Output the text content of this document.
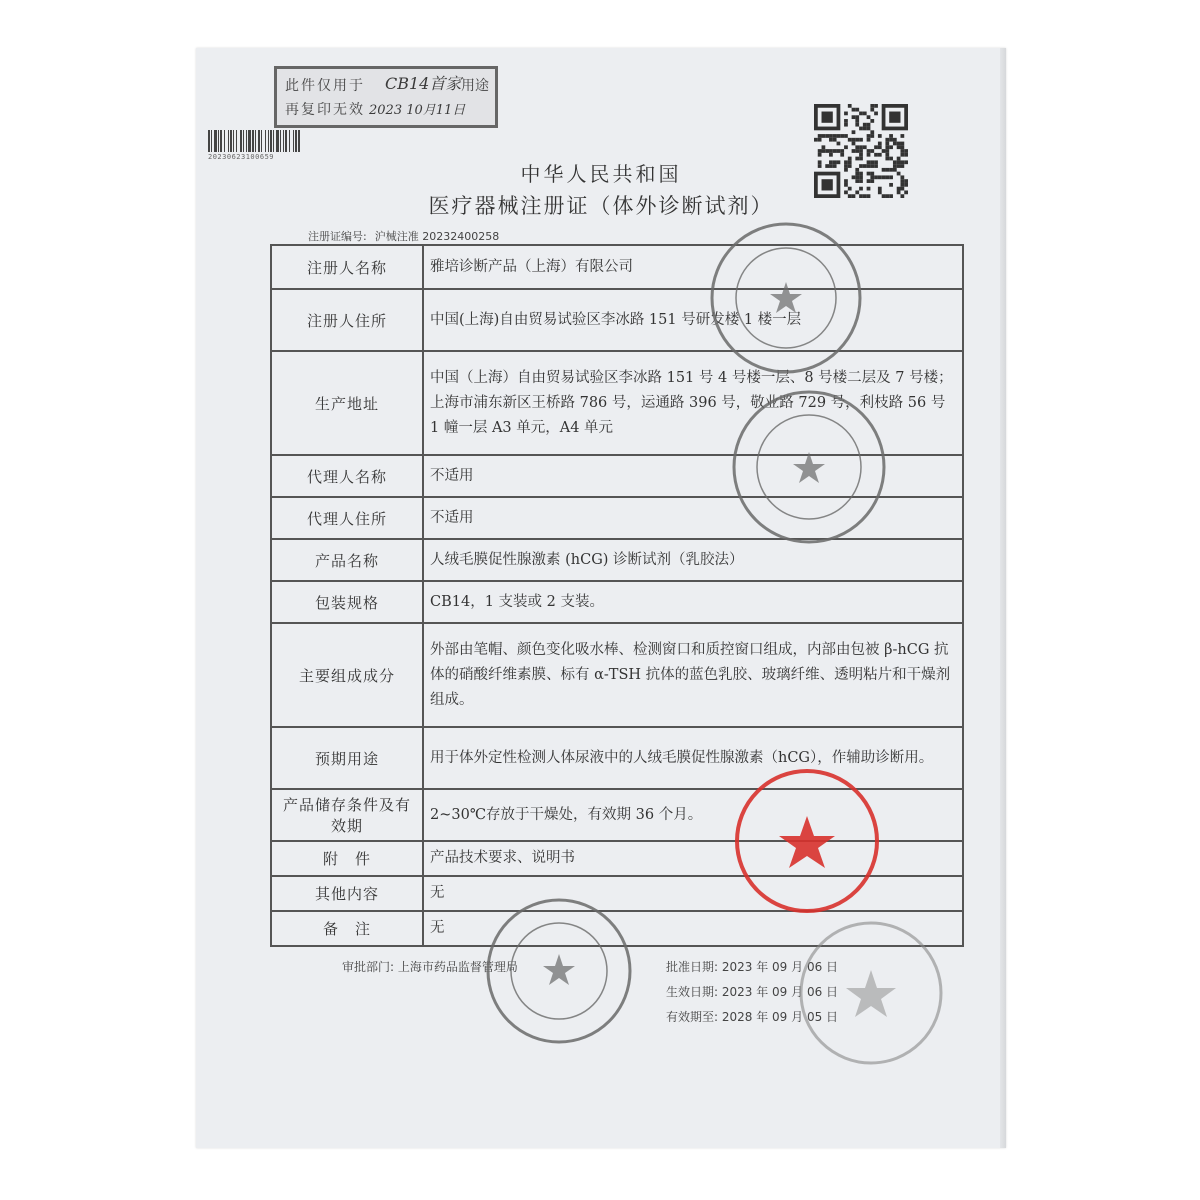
此件仅用于
再复印无效
CB14首家 用途
2023 10月11日
20230623100659
中华人民共和国
医疗器械注册证（体外诊断试剂）
注册证编号: 沪械注准 20232400258
注册人名称	雅培诊断产品（上海）有限公司
注册人住所	中国(上海)自由贸易试验区李冰路 151 号研发楼 1 楼一层
生产地址	中国（上海）自由贸易试验区李冰路 151 号 4 号楼一层、8 号楼二层及 7 号楼；上海市浦东新区王桥路 786 号，运通路 396 号，敬业路 729 号，利枝路 56 号 1 幢一层 A3 单元，A4 单元
代理人名称	不适用
代理人住所	不适用
产品名称	人绒毛膜促性腺激素 (hCG) 诊断试剂（乳胶法）
包装规格	CB14，1 支装或 2 支装。
主要组成成分	外部由笔帽、颜色变化吸水棒、检测窗口和质控窗口组成，内部由包被 β-hCG 抗体的硝酸纤维素膜、标有 α-TSH 抗体的蓝色乳胶、玻璃纤维、透明粘片和干燥剂组成。
预期用途	用于体外定性检测人体尿液中的人绒毛膜促性腺激素（hCG），作辅助诊断用。
产品储存条件及有效期	2~30℃存放于干燥处，有效期 36 个月。
附　件	产品技术要求、说明书
其他内容	无
备　注	无
审批部门: 上海市药品监督管理局	批准日期: 2023 年 09 月 06 日
生效日期: 2023 年 09 月 06 日
有效期至: 2028 年 09 月 05 日
